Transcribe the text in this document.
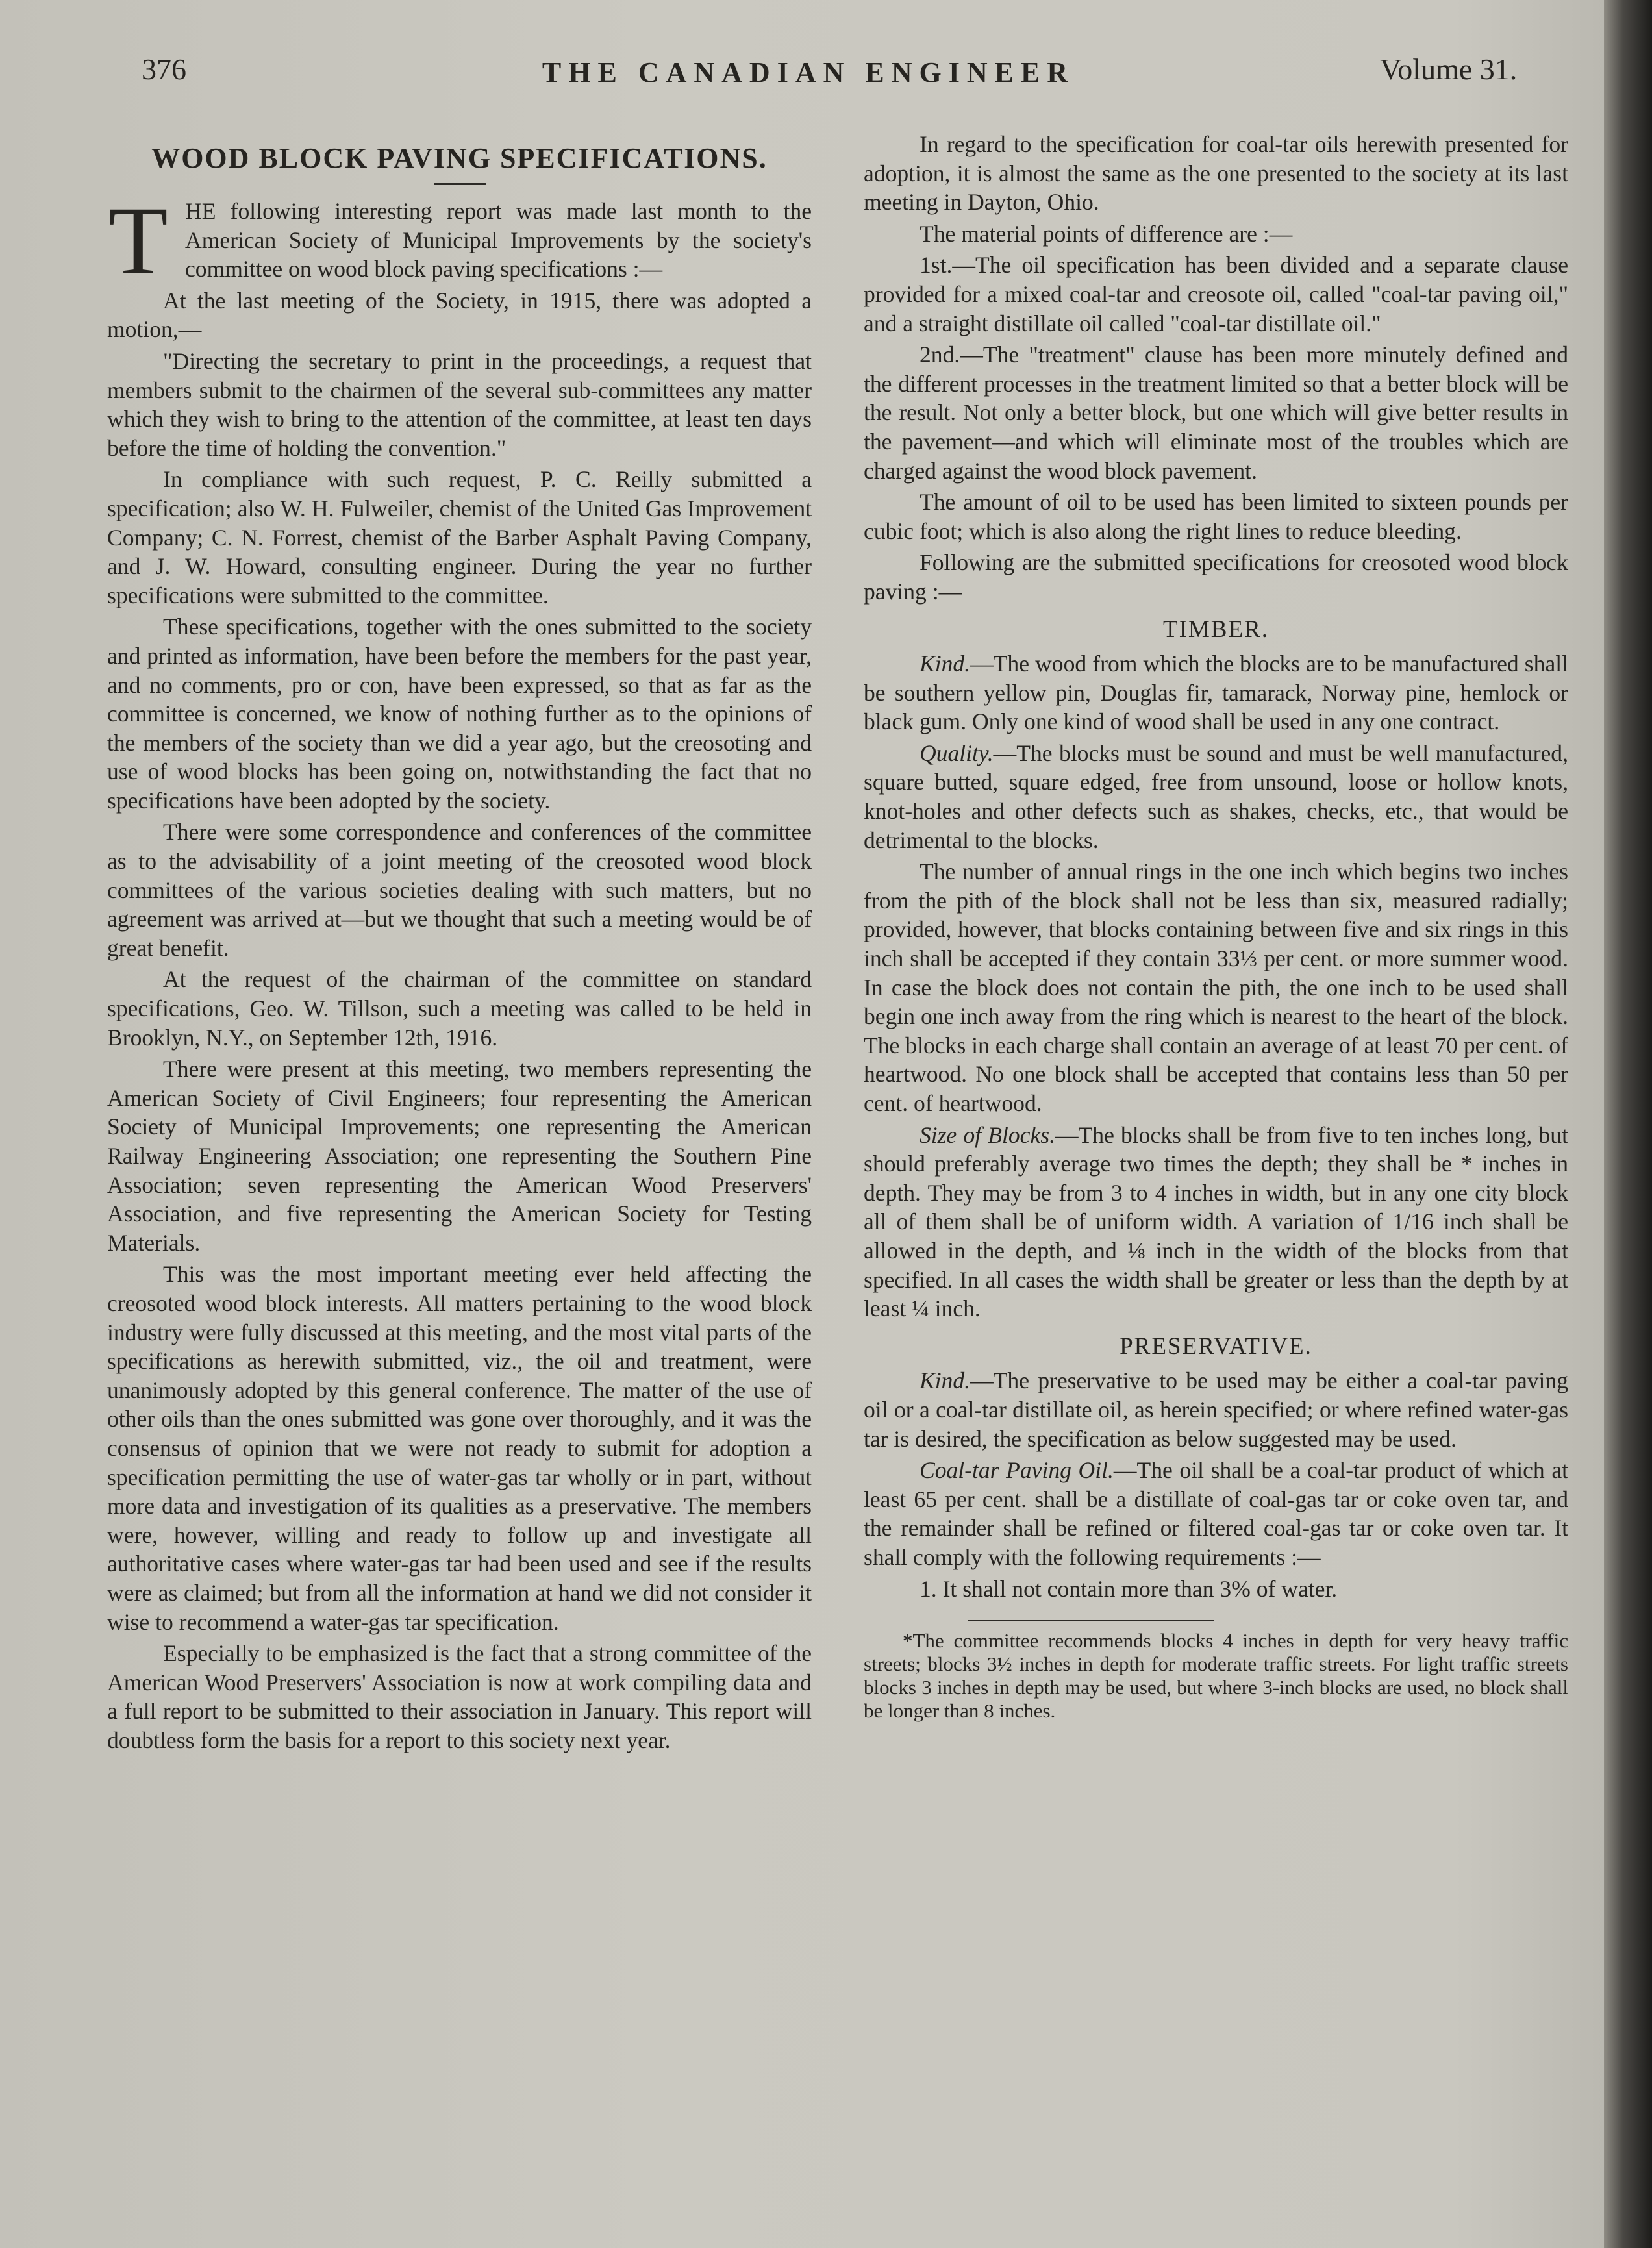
376	THE CANADIAN ENGINEER	Volume 31.
WOOD BLOCK PAVING SPECIFICATIONS.

T HE following interesting report was made last month to the American Society of Municipal Improvements by the society's committee on wood block paving specifications :—

At the last meeting of the Society, in 1915, there was adopted a motion,—

"Directing the secretary to print in the proceedings, a request that members submit to the chairmen of the several sub-committees any matter which they wish to bring to the attention of the committee, at least ten days before the time of holding the convention."

In compliance with such request, P. C. Reilly submitted a specification; also W. H. Fulweiler, chemist of the United Gas Improvement Company; C. N. Forrest, chemist of the Barber Asphalt Paving Company, and J. W. Howard, consulting engineer. During the year no further specifications were submitted to the committee.

These specifications, together with the ones submitted to the society and printed as information, have been before the members for the past year, and no comments, pro or con, have been expressed, so that as far as the committee is concerned, we know of nothing further as to the opinions of the members of the society than we did a year ago, but the creosoting and use of wood blocks has been going on, notwithstanding the fact that no specifications have been adopted by the society.

There were some correspondence and conferences of the committee as to the advisability of a joint meeting of the creosoted wood block committees of the various societies dealing with such matters, but no agreement was arrived at—but we thought that such a meeting would be of great benefit.

At the request of the chairman of the committee on standard specifications, Geo. W. Tillson, such a meeting was called to be held in Brooklyn, N.Y., on September 12th, 1916.

There were present at this meeting, two members representing the American Society of Civil Engineers; four representing the American Society of Municipal Improvements; one representing the American Railway Engineering Association; one representing the Southern Pine Association; seven representing the American Wood Preservers' Association, and five representing the American Society for Testing Materials.

This was the most important meeting ever held affecting the creosoted wood block interests. All matters pertaining to the wood block industry were fully discussed at this meeting, and the most vital parts of the specifications as herewith submitted, viz., the oil and treatment, were unanimously adopted by this general conference. The matter of the use of other oils than the ones submitted was gone over thoroughly, and it was the consensus of opinion that we were not ready to submit for adoption a specification permitting the use of water-gas tar wholly or in part, without more data and investigation of its qualities as a preservative. The members were, however, willing and ready to follow up and investigate all authoritative cases where water-gas tar had been used and see if the results were as claimed; but from all the information at hand we did not consider it wise to recommend a water-gas tar specification.

Especially to be emphasized is the fact that a strong committee of the American Wood Preservers' Association is now at work compiling data and a full report to be submitted to their association in January. This report will doubtless form the basis for a report to this society next year.

In regard to the specification for coal-tar oils herewith presented for adoption, it is almost the same as the one presented to the society at its last meeting in Dayton, Ohio.

The material points of difference are :—

1st.—The oil specification has been divided and a separate clause provided for a mixed coal-tar and creosote oil, called "coal-tar paving oil," and a straight distillate oil called "coal-tar distillate oil."

2nd.—The "treatment" clause has been more minutely defined and the different processes in the treatment limited so that a better block will be the result. Not only a better block, but one which will give better results in the pavement—and which will eliminate most of the troubles which are charged against the wood block pavement.

The amount of oil to be used has been limited to sixteen pounds per cubic foot; which is also along the right lines to reduce bleeding.

Following are the submitted specifications for creosoted wood block paving :—

TIMBER.

Kind.—The wood from which the blocks are to be manufactured shall be southern yellow pin, Douglas fir, tamarack, Norway pine, hemlock or black gum. Only one kind of wood shall be used in any one contract.

Quality.—The blocks must be sound and must be well manufactured, square butted, square edged, free from unsound, loose or hollow knots, knot-holes and other defects such as shakes, checks, etc., that would be detrimental to the blocks.

The number of annual rings in the one inch which begins two inches from the pith of the block shall not be less than six, measured radially; provided, however, that blocks containing between five and six rings in this inch shall be accepted if they contain 33⅓ per cent. or more summer wood. In case the block does not contain the pith, the one inch to be used shall begin one inch away from the ring which is nearest to the heart of the block. The blocks in each charge shall contain an average of at least 70 per cent. of heartwood. No one block shall be accepted that contains less than 50 per cent. of heartwood.

Size of Blocks.—The blocks shall be from five to ten inches long, but should preferably average two times the depth; they shall be * inches in depth. They may be from 3 to 4 inches in width, but in any one city block all of them shall be of uniform width. A variation of 1/16 inch shall be allowed in the depth, and ⅛ inch in the width of the blocks from that specified. In all cases the width shall be greater or less than the depth by at least ¼ inch.

PRESERVATIVE.

Kind.—The preservative to be used may be either a coal-tar paving oil or a coal-tar distillate oil, as herein specified; or where refined water-gas tar is desired, the specification as below suggested may be used.

Coal-tar Paving Oil.—The oil shall be a coal-tar product of which at least 65 per cent. shall be a distillate of coal-gas tar or coke oven tar, and the remainder shall be refined or filtered coal-gas tar or coke oven tar. It shall comply with the following requirements :—

1. It shall not contain more than 3% of water.

*The committee recommends blocks 4 inches in depth for very heavy traffic streets; blocks 3½ inches in depth for moderate traffic streets. For light traffic streets blocks 3 inches in depth may be used, but where 3-inch blocks are used, no block shall be longer than 8 inches.
